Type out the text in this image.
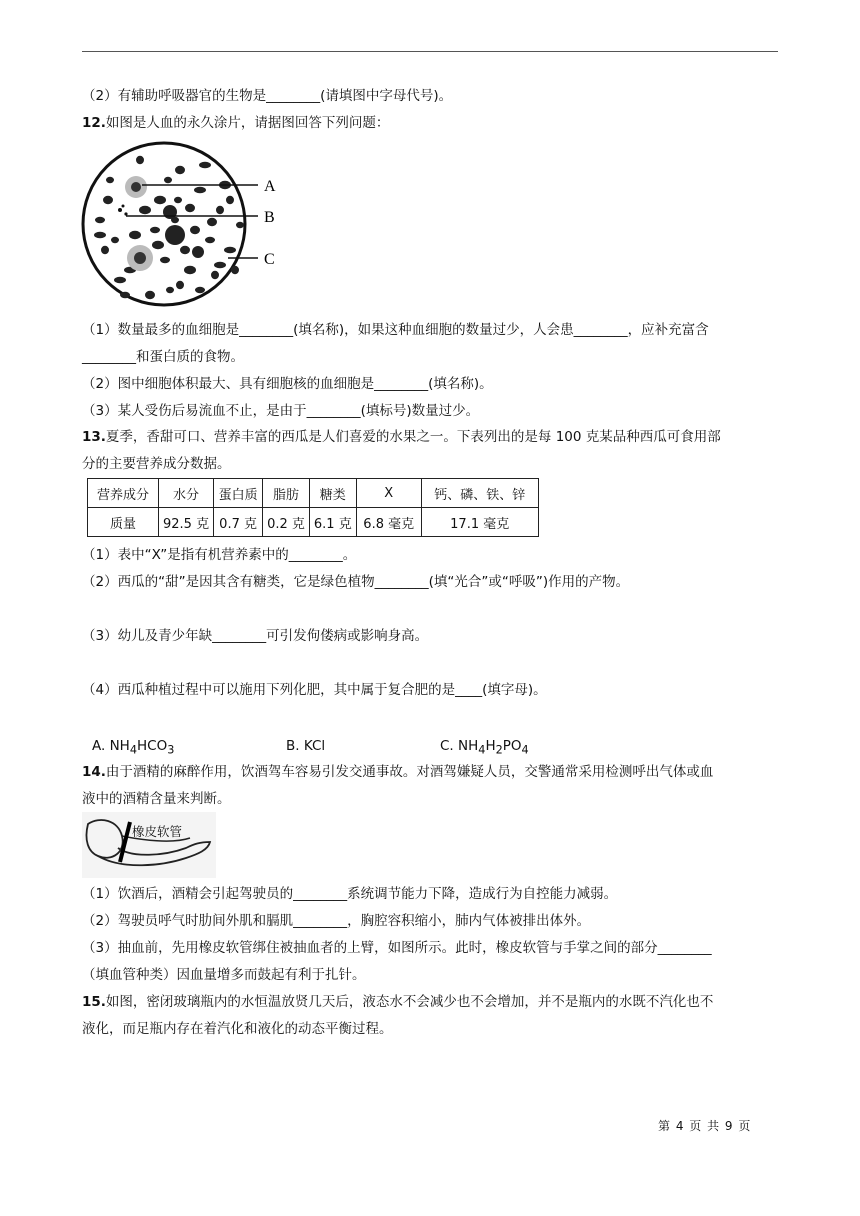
（2）有辅助呼吸器官的生物是________(请填图中字母代号)。
12.如图是人血的永久涂片，请据图回答下列问题：
A
B
C
（1）数量最多的血细胞是________(填名称)，如果这种血细胞的数量过少，人会患________，应补充富含
________和蛋白质的食物。
（2）图中细胞体积最大、具有细胞核的血细胞是________(填名称)。
（3）某人受伤后易流血不止，是由于________(填标号)数量过少。
13.夏季，香甜可口、营养丰富的西瓜是人们喜爱的水果之一。下表列出的是每 100 克某品种西瓜可食用部
分的主要营养成分数据。
营养成分	水分	蛋白质	脂肪	糖类	X	钙、磷、铁、锌
质量	92.5 克	0.7 克	0.2 克	6.1 克	6.8 毫克	17.1 毫克
（1）表中“X”是指有机营养素中的________。
（2）西瓜的“甜”是因其含有糖类，它是绿色植物________(填“光合”或“呼吸”)作用的产物。
（3）幼儿及青少年缺________可引发佝偻病或影响身高。
（4）西瓜种植过程中可以施用下列化肥，其中属于复合肥的是____(填字母)。
A. $NH_4HCO_3$	B. KCl	C. $NH_4H_2PO_4$
14.由于酒精的麻醉作用，饮酒驾车容易引发交通事故。对酒驾嫌疑人员，交警通常采用检测呼出气体或血
液中的酒精含量来判断。
橡皮软管
（1）饮酒后，酒精会引起驾驶员的________系统调节能力下降，造成行为自控能力减弱。
（2）驾驶员呼气时肋间外肌和膈肌________，胸腔容积缩小，肺内气体被排出体外。
（3）抽血前，先用橡皮软管绑住被抽血者的上臂，如图所示。此时，橡皮软管与手掌之间的部分________
（填血管种类）因血量增多而鼓起有利于扎针。
15.如图，密闭玻璃瓶内的水恒温放贤几天后，液态水不会减少也不会增加，并不是瓶内的水既不汽化也不
液化，而足瓶内存在着汽化和液化的动态平衡过程。
第 4 页 共 9 页
